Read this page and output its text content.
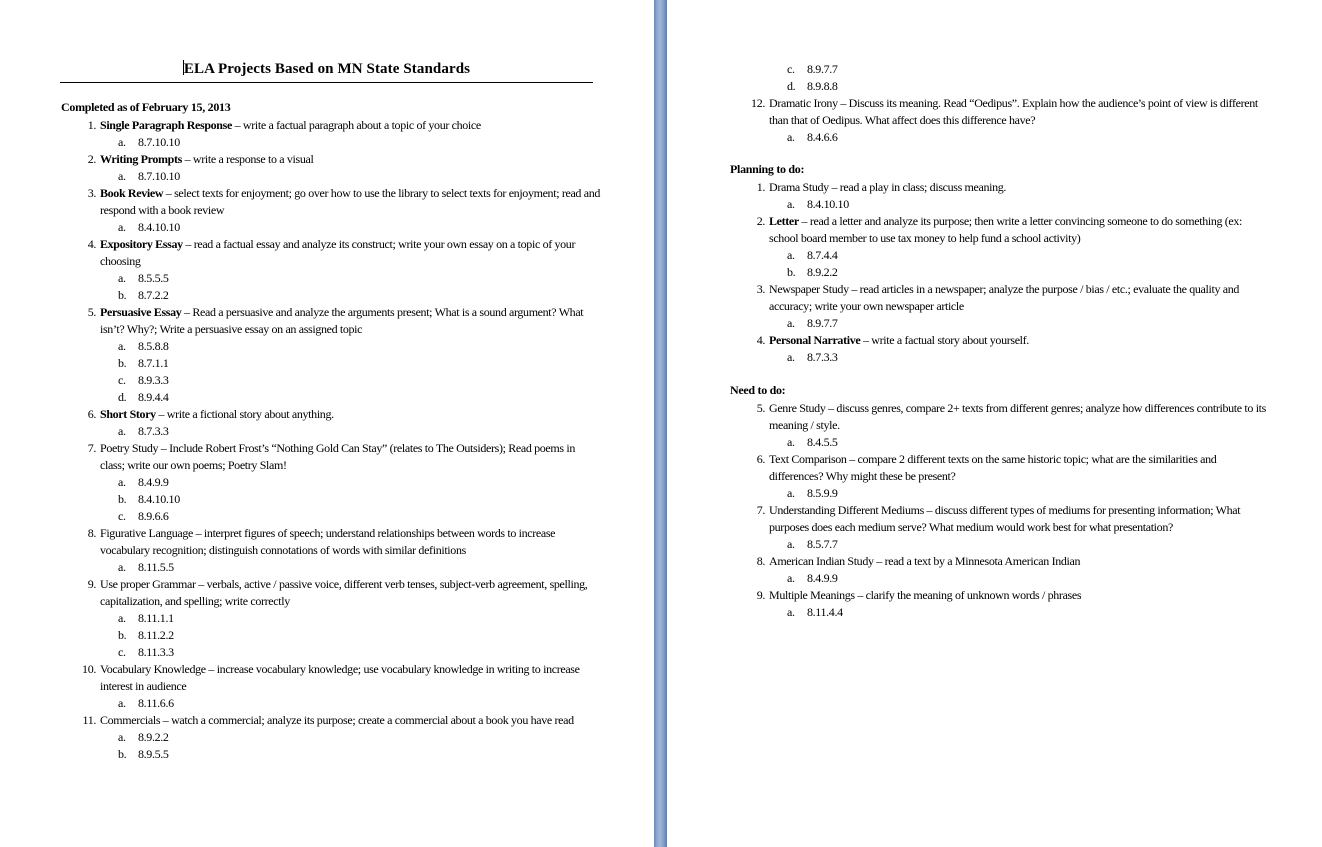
ELA Projects Based on MN State Standards
Completed as of February 15, 2013
1. Single Paragraph Response – write a factual paragraph about a topic of your choice
a. 8.7.10.10
2. Writing Prompts – write a response to a visual
a. 8.7.10.10
3. Book Review – select texts for enjoyment; go over how to use the library to select texts for enjoyment; read and respond with a book review
a. 8.4.10.10
4. Expository Essay – read a factual essay and analyze its construct; write your own essay on a topic of your choosing
a. 8.5.5.5
b. 8.7.2.2
5. Persuasive Essay – Read a persuasive and analyze the arguments present; What is a sound argument? What isn’t? Why?; Write a persuasive essay on an assigned topic
a. 8.5.8.8
b. 8.7.1.1
c. 8.9.3.3
d. 8.9.4.4
6. Short Story – write a fictional story about anything.
a. 8.7.3.3
7. Poetry Study – Include Robert Frost’s “Nothing Gold Can Stay” (relates to The Outsiders); Read poems in class; write our own poems; Poetry Slam!
a. 8.4.9.9
b. 8.4.10.10
c. 8.9.6.6
8. Figurative Language – interpret figures of speech; understand relationships between words to increase vocabulary recognition; distinguish connotations of words with similar definitions
a. 8.11.5.5
9. Use proper Grammar – verbals, active / passive voice, different verb tenses, subject-verb agreement, spelling, capitalization, and spelling; write correctly
a. 8.11.1.1
b. 8.11.2.2
c. 8.11.3.3
10. Vocabulary Knowledge – increase vocabulary knowledge; use vocabulary knowledge in writing to increase interest in audience
a. 8.11.6.6
11. Commercials – watch a commercial; analyze its purpose; create a commercial about a book you have read
a. 8.9.2.2
b. 8.9.5.5
c. 8.9.7.7
d. 8.9.8.8
12. Dramatic Irony – Discuss its meaning. Read “Oedipus”. Explain how the audience’s point of view is different than that of Oedipus. What affect does this difference have?
a. 8.4.6.6
Planning to do:
1. Drama Study – read a play in class; discuss meaning.
a. 8.4.10.10
2. Letter – read a letter and analyze its purpose; then write a letter convincing someone to do something (ex: school board member to use tax money to help fund a school activity)
a. 8.7.4.4
b. 8.9.2.2
3. Newspaper Study – read articles in a newspaper; analyze the purpose / bias / etc.; evaluate the quality and accuracy; write your own newspaper article
a. 8.9.7.7
4. Personal Narrative – write a factual story about yourself.
a. 8.7.3.3
Need to do:
5. Genre Study – discuss genres, compare 2+ texts from different genres; analyze how differences contribute to its meaning / style.
a. 8.4.5.5
6. Text Comparison – compare 2 different texts on the same historic topic; what are the similarities and differences? Why might these be present?
a. 8.5.9.9
7. Understanding Different Mediums – discuss different types of mediums for presenting information; What purposes does each medium serve? What medium would work best for what presentation?
a. 8.5.7.7
8. American Indian Study – read a text by a Minnesota American Indian
a. 8.4.9.9
9. Multiple Meanings – clarify the meaning of unknown words / phrases
a. 8.11.4.4
